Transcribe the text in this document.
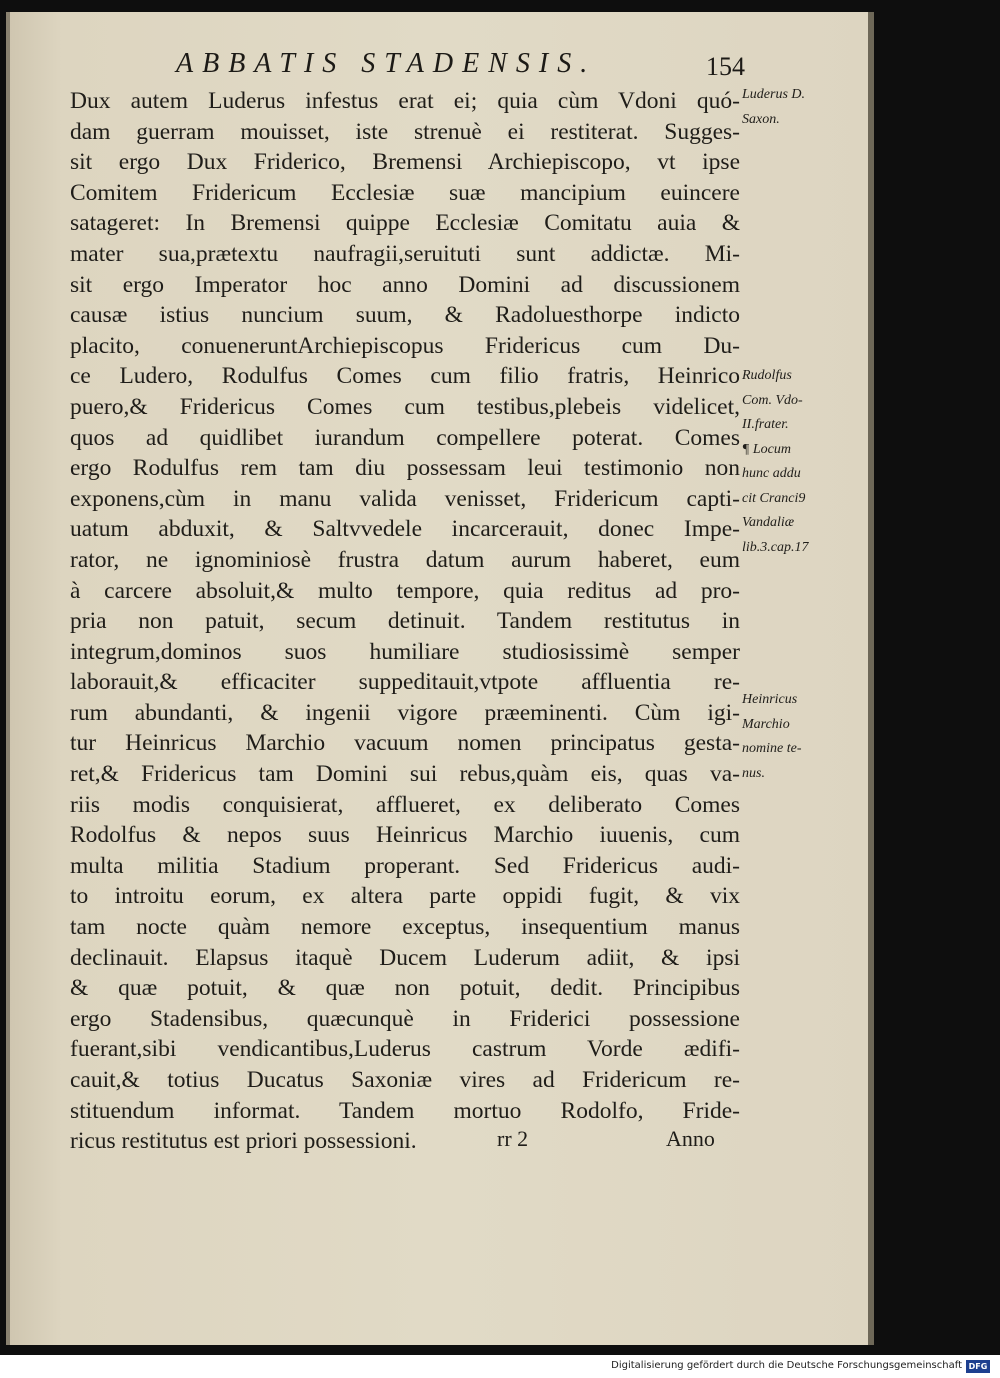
ABBATIS STADENSIS.	154
Dux autem Luderus infestus erat ei; quia cùm Vdoni quó-
dam guerram mouisset, iste strenuè ei restiterat. Sugges-
sit ergo Dux Friderico, Bremensi Archiepiscopo, vt ipse
Comitem Fridericum Ecclesiæ suæ mancipium euincere
satageret: In Bremensi quippe Ecclesiæ Comitatu auia &
mater sua,prætextu naufragii,seruituti sunt addictæ. Mi-
sit ergo Imperator hoc anno Domini ad discussionem
causæ istius nuncium suum, & Radoluesthorpe indicto
placito, conueneruntArchiepiscopus Fridericus cum Du-
ce Ludero, Rodulfus Comes cum filio fratris, Heinrico
puero,& Fridericus Comes cum testibus,plebeis videlicet,
quos ad quidlibet iurandum compellere poterat. Comes
ergo Rodulfus rem tam diu possessam leui testimonio non
exponens,cùm in manu valida venisset, Fridericum capti-
uatum abduxit, & Saltvvedele incarcerauit, donec Impe-
rator, ne ignominiosè frustra datum aurum haberet, eum
à carcere absoluit,& multo tempore, quia reditus ad pro-
pria non patuit, secum detinuit. Tandem restitutus in
integrum,dominos suos humiliare studiosissimè semper
laborauit,& efficaciter suppeditauit,vtpote affluentia re-
rum abundanti, & ingenii vigore præeminenti. Cùm igi-
tur Heinricus Marchio vacuum nomen principatus gesta-
ret,& Fridericus tam Domini sui rebus,quàm eis, quas va-
riis modis conquisierat, afflueret, ex deliberato Comes
Rodolfus & nepos suus Heinricus Marchio iuuenis, cum
multa militia Stadium properant. Sed Fridericus audi-
to introitu eorum, ex altera parte oppidi fugit, & vix
tam nocte quàm nemore exceptus, insequentium manus
declinauit. Elapsus itaquè Ducem Luderum adiit, & ipsi
& quæ potuit, & quæ non potuit, dedit. Principibus
ergo Stadensibus, quæcunquè in Friderici possessione
fuerant,sibi vendicantibus,Luderus castrum Vorde ædifi-
cauit,& totius Ducatus Saxoniæ vires ad Fridericum re-
stituendum informat. Tandem mortuo Rodolfo, Fride-
ricus restitutus est priori possessioni.
Luderus D.
Saxon.
Rudolfus
Com. Vdo-
II.frater.
¶ Locum
hunc addu
cit Cranci9
Vandaliæ
lib.3.cap.17
Heinricus
Marchio
nomine te-
nus.
rr 2	Anno
Digitalisierung gefördert durch die Deutsche Forschungsgemeinschaft DFG
